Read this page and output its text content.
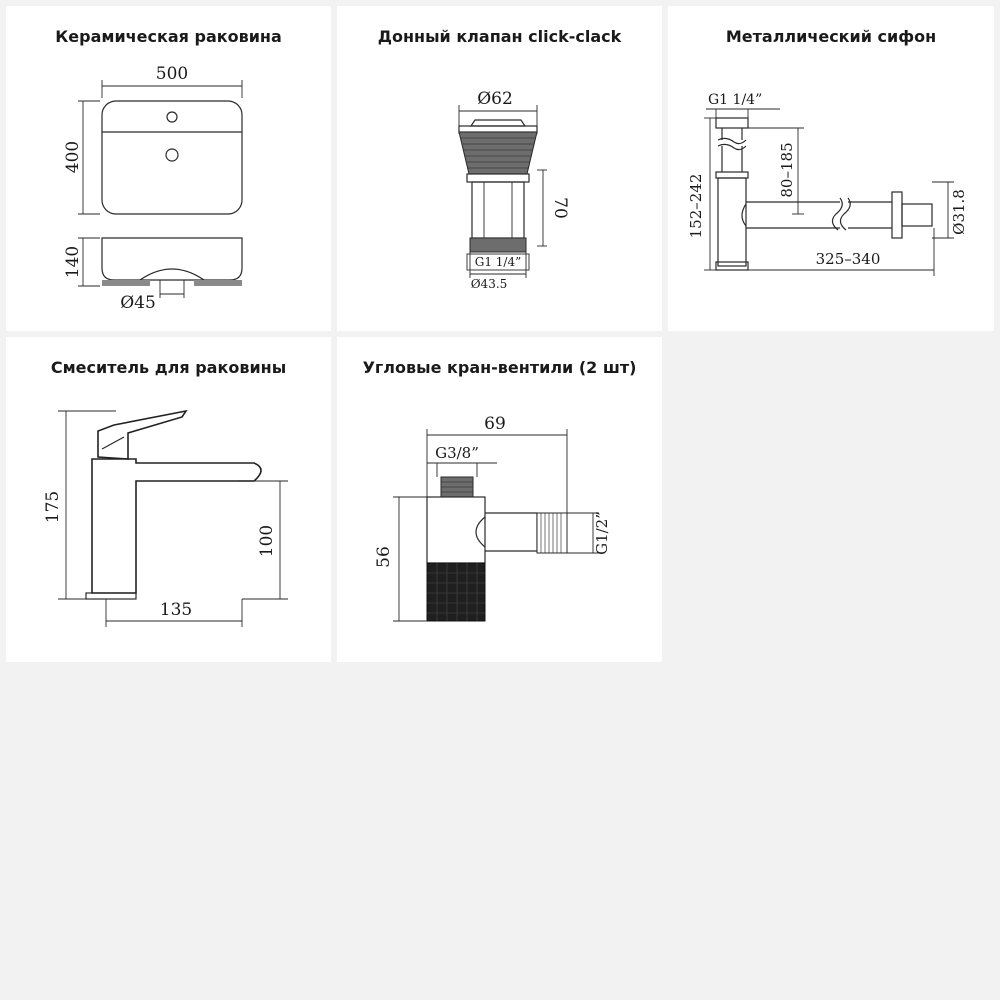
Керамическая раковина
500
400
Ø45
140
Донный клапан click-clack
Ø62
G1 1/4”
Ø43.5
70
Металлический сифон
G1 1/4”
152–242
80–185
325–340
Ø31.8
Смеситель для раковины
175
100
135
Угловые кран-вентили (2 шт)
69
G3/8”
G1/2”
56
